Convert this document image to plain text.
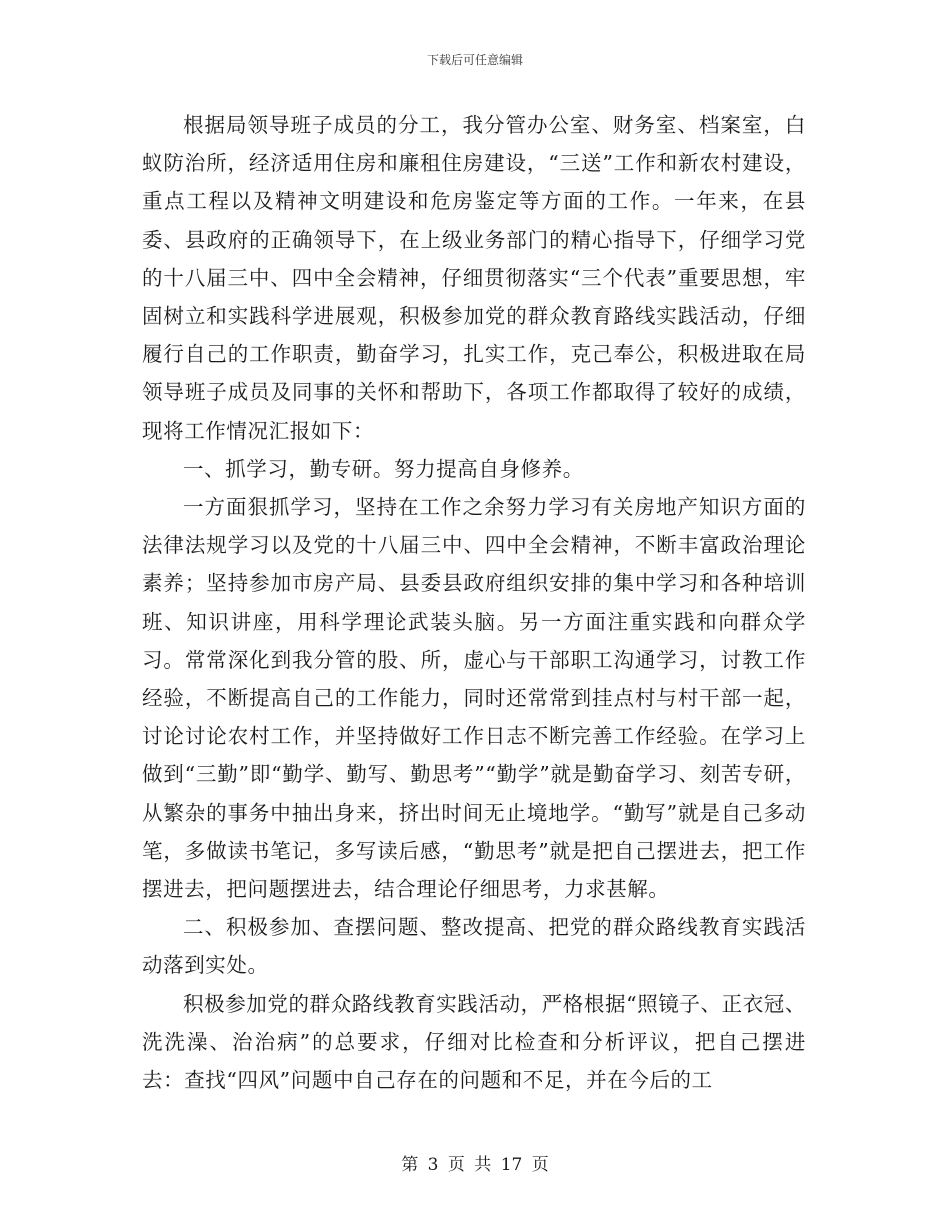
下载后可任意编辑

根据局领导班子成员的分工，我分管办公室、财务室、档案室，白蚁防治所，经济适用住房和廉租住房建设，“三送”工作和新农村建设，重点工程以及精神文明建设和危房鉴定等方面的工作。一年来，在县委、县政府的正确领导下，在上级业务部门的精心指导下，仔细学习党的十八届三中、四中全会精神，仔细贯彻落实“三个代表”重要思想，牢固树立和实践科学进展观，积极参加党的群众教育路线实践活动，仔细履行自己的工作职责，勤奋学习，扎实工作，克己奉公，积极进取在局领导班子成员及同事的关怀和帮助下，各项工作都取得了较好的成绩，现将工作情况汇报如下：

一、抓学习，勤专研。努力提高自身修养。

一方面狠抓学习，坚持在工作之余努力学习有关房地产知识方面的法律法规学习以及党的十八届三中、四中全会精神，不断丰富政治理论素养；坚持参加市房产局、县委县政府组织安排的集中学习和各种培训班、知识讲座，用科学理论武装头脑。另一方面注重实践和向群众学习。常常深化到我分管的股、所，虚心与干部职工沟通学习，讨教工作经验，不断提高自己的工作能力，同时还常常到挂点村与村干部一起，讨论讨论农村工作，并坚持做好工作日志不断完善工作经验。在学习上做到“三勤”即“勤学、勤写、勤思考”“勤学”就是勤奋学习、刻苦专研，从繁杂的事务中抽出身来，挤出时间无止境地学。“勤写”就是自己多动笔，多做读书笔记，多写读后感，“勤思考”就是把自己摆进去，把工作摆进去，把问题摆进去，结合理论仔细思考，力求甚解。

二、积极参加、查摆问题、整改提高、把党的群众路线教育实践活动落到实处。

积极参加党的群众路线教育实践活动，严格根据“照镜子、正衣冠、洗洗澡、治治病”的总要求，仔细对比检查和分析评议，把自己摆进去：查找“四风”问题中自己存在的问题和不足，并在今后的工

第 3 页 共 17 页
